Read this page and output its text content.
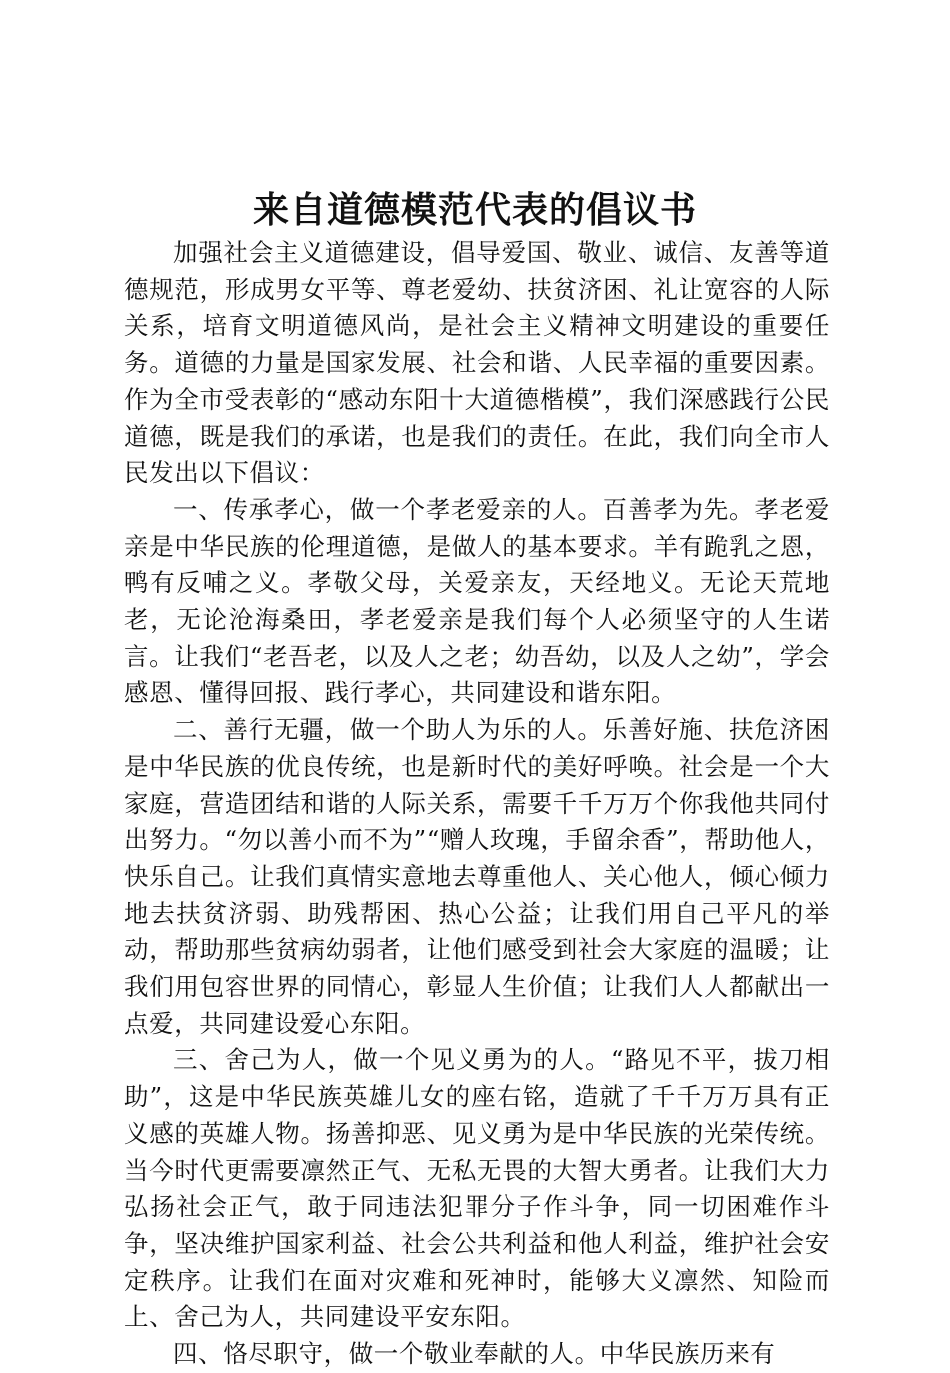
来自道德模范代表的倡议书

加强社会主义道德建设，倡导爱国、敬业、诚信、友善等道德规范，形成男女平等、尊老爱幼、扶贫济困、礼让宽容的人际关系，培育文明道德风尚，是社会主义精神文明建设的重要任务。道德的力量是国家发展、社会和谐、人民幸福的重要因素。作为全市受表彰的“感动东阳十大道德楷模”，我们深感践行公民道德，既是我们的承诺，也是我们的责任。在此，我们向全市人民发出以下倡议：

一、传承孝心，做一个孝老爱亲的人。百善孝为先。孝老爱亲是中华民族的伦理道德，是做人的基本要求。羊有跪乳之恩，鸭有反哺之义。孝敬父母，关爱亲友，天经地义。无论天荒地老，无论沧海桑田，孝老爱亲是我们每个人必须坚守的人生诺言。让我们“老吾老，以及人之老；幼吾幼，以及人之幼”，学会感恩、懂得回报、践行孝心，共同建设和谐东阳。

二、善行无疆，做一个助人为乐的人。乐善好施、扶危济困是中华民族的优良传统，也是新时代的美好呼唤。社会是一个大家庭，营造团结和谐的人际关系，需要千千万万个你我他共同付出努力。“勿以善小而不为”“赠人玫瑰，手留余香”，帮助他人，快乐自己。让我们真情实意地去尊重他人、关心他人，倾心倾力地去扶贫济弱、助残帮困、热心公益；让我们用自己平凡的举动，帮助那些贫病幼弱者，让他们感受到社会大家庭的温暖；让我们用包容世界的同情心，彰显人生价值；让我们人人都献出一点爱，共同建设爱心东阳。

三、舍己为人，做一个见义勇为的人。“路见不平，拔刀相助”，这是中华民族英雄儿女的座右铭，造就了千千万万具有正义感的英雄人物。扬善抑恶、见义勇为是中华民族的光荣传统。当今时代更需要凛然正气、无私无畏的大智大勇者。让我们大力弘扬社会正气，敢于同违法犯罪分子作斗争，同一切困难作斗争，坚决维护国家利益、社会公共利益和他人利益，维护社会安定秩序。让我们在面对灾难和死神时，能够大义凛然、知险而上、舍己为人，共同建设平安东阳。

四、恪尽职守，做一个敬业奉献的人。中华民族历来有
